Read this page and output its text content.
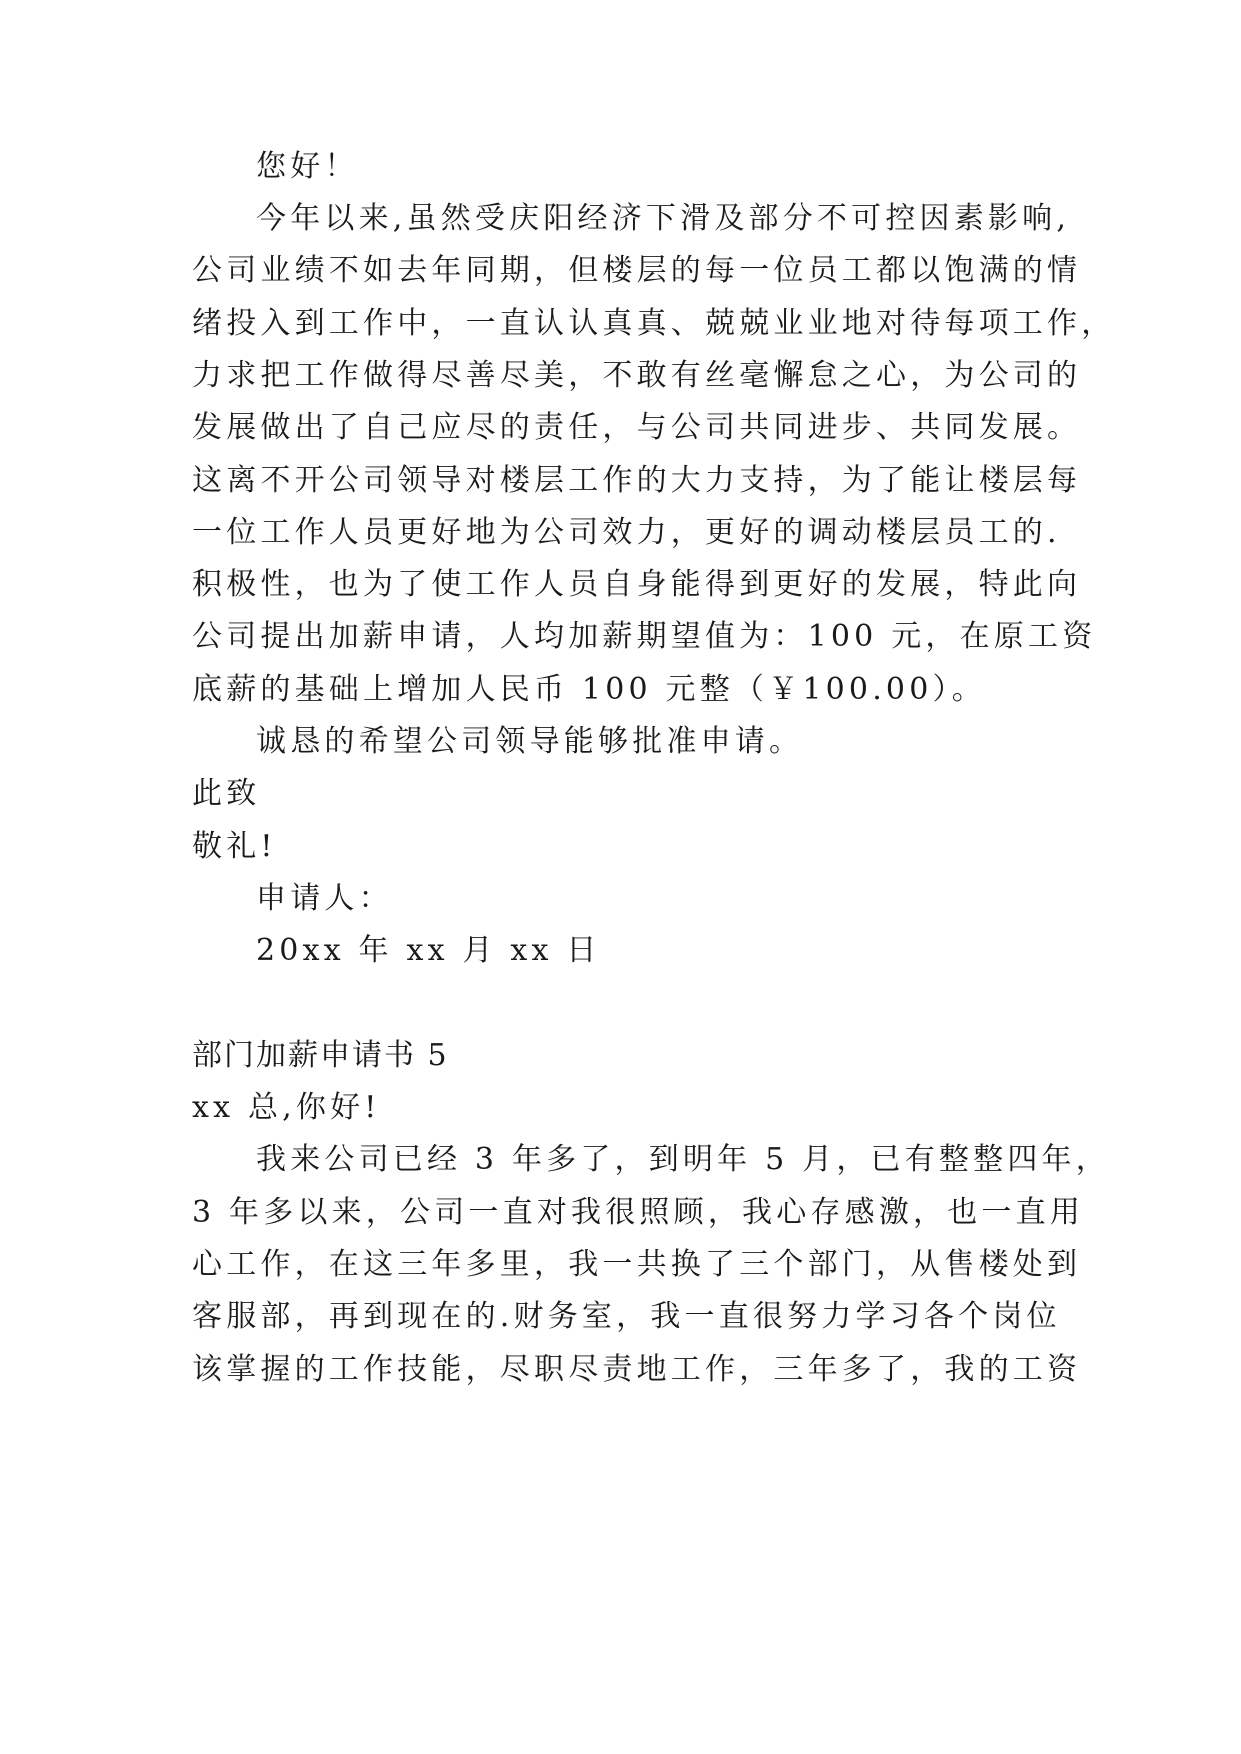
您好！
今年以来,虽然受庆阳经济下滑及部分不可控因素影响,
公司业绩不如去年同期，但楼层的每一位员工都以饱满的情
绪投入到工作中，一直认认真真、兢兢业业地对待每项工作，
力求把工作做得尽善尽美，不敢有丝毫懈怠之心，为公司的
发展做出了自己应尽的责任，与公司共同进步、共同发展。
这离不开公司领导对楼层工作的大力支持，为了能让楼层每
一位工作人员更好地为公司效力，更好的调动楼层员工的.
积极性，也为了使工作人员自身能得到更好的发展，特此向
公司提出加薪申请，人均加薪期望值为：100 元，在原工资
底薪的基础上增加人民币 100 元整（￥100.00）。
诚恳的希望公司领导能够批准申请。
此致
敬礼!
申请人：
20xx 年 xx 月 xx 日
部门加薪申请书 5
xx 总,你好!
我来公司已经 3 年多了，到明年 5 月，已有整整四年，
3 年多以来，公司一直对我很照顾，我心存感激，也一直用
心工作，在这三年多里，我一共换了三个部门，从售楼处到
客服部，再到现在的.财务室，我一直很努力学习各个岗位
该掌握的工作技能，尽职尽责地工作，三年多了，我的工资
